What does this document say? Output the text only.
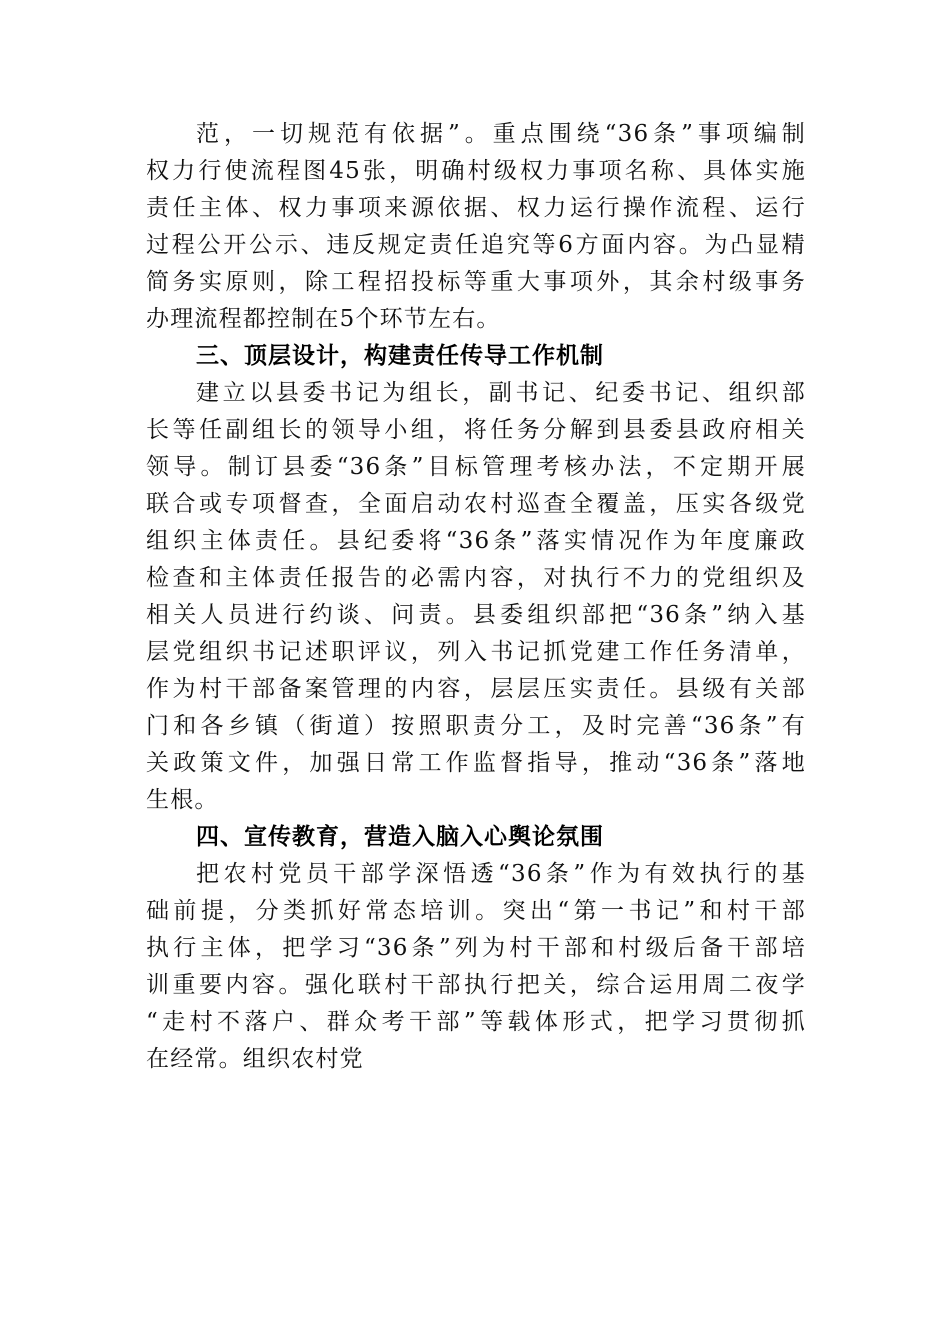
范，一切规范有依据”。重点围绕“36条”事项编制
权力行使流程图45张，明确村级权力事项名称、具体实施
责任主体、权力事项来源依据、权力运行操作流程、运行
过程公开公示、违反规定责任追究等6方面内容。为凸显精
简务实原则，除工程招投标等重大事项外，其余村级事务
办理流程都控制在5个环节左右。
三、顶层设计，构建责任传导工作机制
建立以县委书记为组长，副书记、纪委书记、组织部
长等任副组长的领导小组，将任务分解到县委县政府相关
领导。制订县委“36条”目标管理考核办法，不定期开展
联合或专项督查，全面启动农村巡查全覆盖，压实各级党
组织主体责任。县纪委将“36条”落实情况作为年度廉政
检查和主体责任报告的必需内容，对执行不力的党组织及
相关人员进行约谈、问责。县委组织部把“36条”纳入基
层党组织书记述职评议，列入书记抓党建工作任务清单，
作为村干部备案管理的内容，层层压实责任。县级有关部
门和各乡镇（街道）按照职责分工，及时完善“36条”有
关政策文件，加强日常工作监督指导，推动“36条”落地
生根。
四、宣传教育，营造入脑入心舆论氛围
把农村党员干部学深悟透“36条”作为有效执行的基
础前提，分类抓好常态培训。突出“第一书记”和村干部
执行主体，把学习“36条”列为村干部和村级后备干部培
训重要内容。强化联村干部执行把关，综合运用周二夜学
“走村不落户、群众考干部”等载体形式，把学习贯彻抓
在经常。组织农村党
